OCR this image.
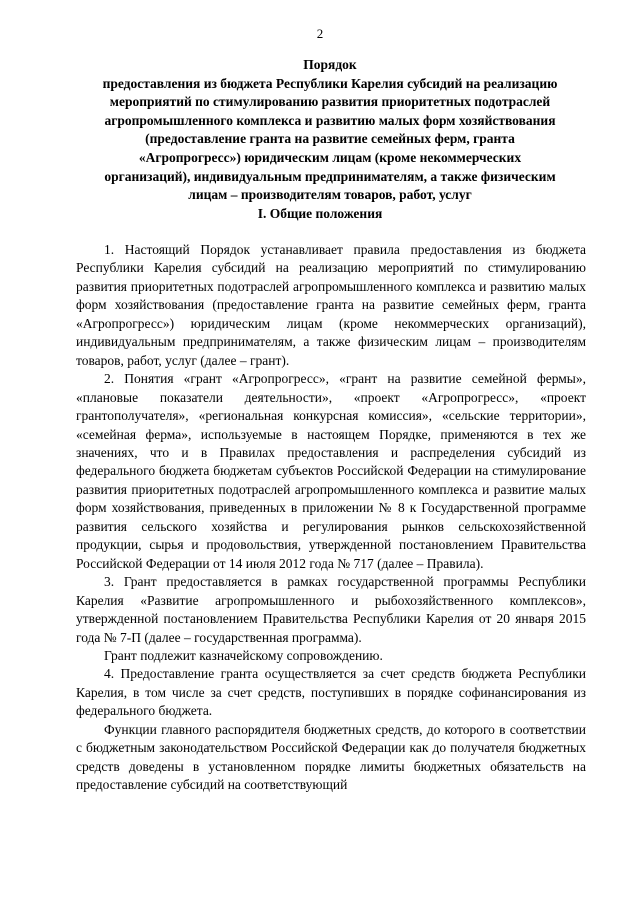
2
Порядок
предоставления из бюджета Республики Карелия субсидий на реализацию
мероприятий по стимулированию развития приоритетных подотраслей
агропромышленного комплекса и развитию малых форм хозяйствования
(предоставление гранта на развитие семейных ферм, гранта
«Агропрогресс») юридическим лицам (кроме некоммерческих
организаций), индивидуальным предпринимателям, а также физическим
лицам – производителям товаров, работ, услуг
I. Общие положения

1. Настоящий Порядок устанавливает правила предоставления из бюджета Республики Карелия субсидий на реализацию мероприятий по стимулированию развития приоритетных подотраслей агропромышленного комплекса и развитию малых форм хозяйствования (предоставление гранта на развитие семейных ферм, гранта «Агропрогресс») юридическим лицам (кроме некоммерческих организаций), индивидуальным предпринимателям, а также физическим лицам – производителям товаров, работ, услуг (далее – грант).

2. Понятия «грант «Агропрогресс», «грант на развитие семейной фермы», «плановые показатели деятельности», «проект «Агропрогресс», «проект грантополучателя», «региональная конкурсная комиссия», «сельские территории», «семейная ферма», используемые в настоящем Порядке, применяются в тех же значениях, что и в Правилах предоставления и распределения субсидий из федерального бюджета бюджетам субъектов Российской Федерации на стимулирование развития приоритетных подотраслей агропромышленного комплекса и развитие малых форм хозяйствования, приведенных в приложении № 8 к Государственной программе развития сельского хозяйства и регулирования рынков сельскохозяйственной продукции, сырья и продовольствия, утвержденной постановлением Правительства Российской Федерации от 14 июля 2012 года № 717 (далее – Правила).

3. Грант предоставляется в рамках государственной программы Республики Карелия «Развитие агропромышленного и рыбохозяйственного комплексов», утвержденной постановлением Правительства Республики Карелия от 20 января 2015 года № 7-П (далее – государственная программа).

Грант подлежит казначейскому сопровождению.

4. Предоставление гранта осуществляется за счет средств бюджета Республики Карелия, в том числе за счет средств, поступивших в порядке софинансирования из федерального бюджета.

Функции главного распорядителя бюджетных средств, до которого в соответствии с бюджетным законодательством Российской Федерации как до получателя бюджетных средств доведены в установленном порядке лимиты бюджетных обязательств на предоставление субсидий на соответствующий
